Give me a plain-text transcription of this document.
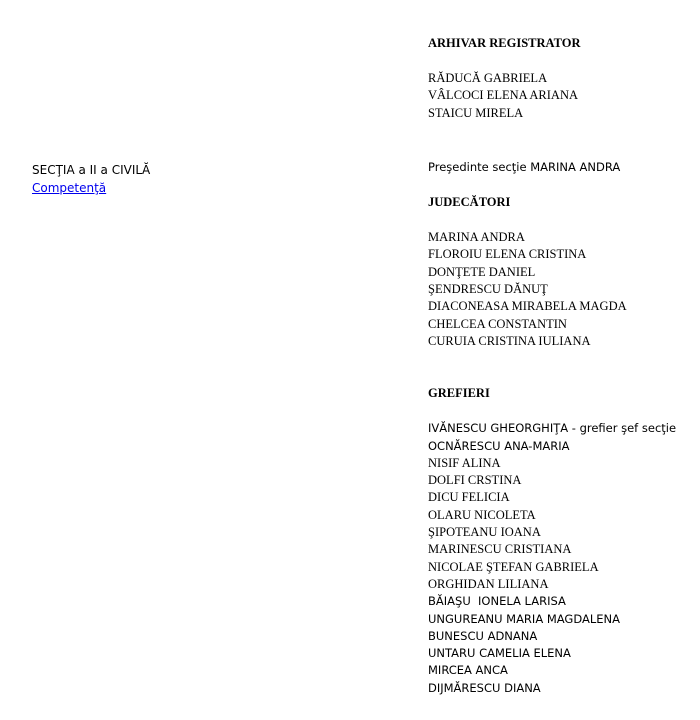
SECŢIA a II a CIVILĂ
Competenţă
ARHIVAR REGISTRATOR
RĂDUCĂ GABRIELA
VÂLCOCI ELENA ARIANA
STAICU MIRELA
Preşedinte secţie MARINA ANDRA
JUDECĂTORI
MARINA ANDRA
FLOROIU ELENA CRISTINA
DONŢETE DANIEL
ŞENDRESCU DĂNUŢ
DIACONEASA MIRABELA MAGDA
CHELCEA CONSTANTIN
CURUIA CRISTINA IULIANA
GREFIERI
IVĂNESCU GHEORGHIŢA - grefier şef secţie
OCNĂRESCU ANA-MARIA
NISIF ALINA
DOLFI CRSTINA
DICU FELICIA
OLARU NICOLETA
ŞIPOTEANU IOANA
MARINESCU CRISTIANA
NICOLAE ŞTEFAN GABRIELA
ORGHIDAN LILIANA
BĂIAŞU  IONELA LARISA
UNGUREANU MARIA MAGDALENA
BUNESCU ADNANA
UNTARU CAMELIA ELENA
MIRCEA ANCA
DIJMĂRESCU DIANA
